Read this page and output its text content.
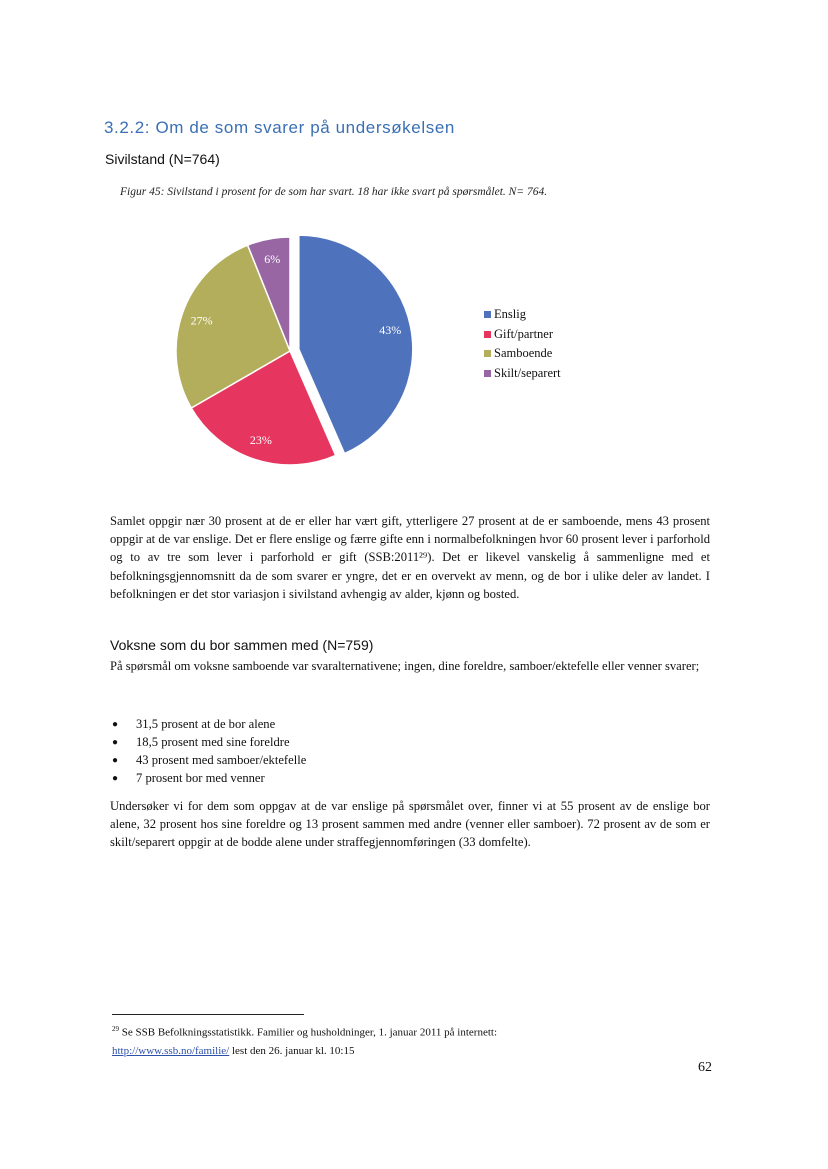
3.2.2: Om de som svarer på undersøkelsen
Sivilstand (N=764)
Figur 45: Sivilstand i prosent for de som har svart. 18 har ikke svart på spørsmålet. N= 764.
43%
23%
27%
6%
Enslig
Gift/partner
Samboende
Skilt/separert
Samlet oppgir nær 30 prosent at de er eller har vært gift, ytterligere 27 prosent at de er samboende, mens 43 prosent oppgir at de var enslige. Det er flere enslige og færre gifte enn i normalbefolkningen hvor 60 prosent lever i parforhold og to av tre som lever i parforhold er gift (SSB:2011²⁹). Det er likevel vanskelig å sammenligne med et befolkningsgjennomsnitt da de som svarer er yngre, det er en overvekt av menn, og de bor i ulike deler av landet. I befolkningen er det stor variasjon i sivilstand avhengig av alder, kjønn og bosted.
Voksne som du bor sammen med (N=759)
På spørsmål om voksne samboende var svaralternativene; ingen, dine foreldre, samboer/ektefelle eller venner svarer;
●	31,5 prosent at de bor alene
●	18,5 prosent med sine foreldre
●	43 prosent med samboer/ektefelle
●	7 prosent bor med venner
Undersøker vi for dem som oppgav at de var enslige på spørsmålet over, finner vi at 55 prosent av de enslige bor alene, 32 prosent hos sine foreldre og 13 prosent sammen med andre (venner eller samboer). 72 prosent av de som er skilt/separert oppgir at de bodde alene under straffegjennomføringen (33 domfelte).
$^{29}$ Se SSB Befolkningsstatistikk. Familier og husholdninger, 1. januar 2011 på internett:
http://www.ssb.no/familie/ lest den 26. januar kl. 10:15
62
